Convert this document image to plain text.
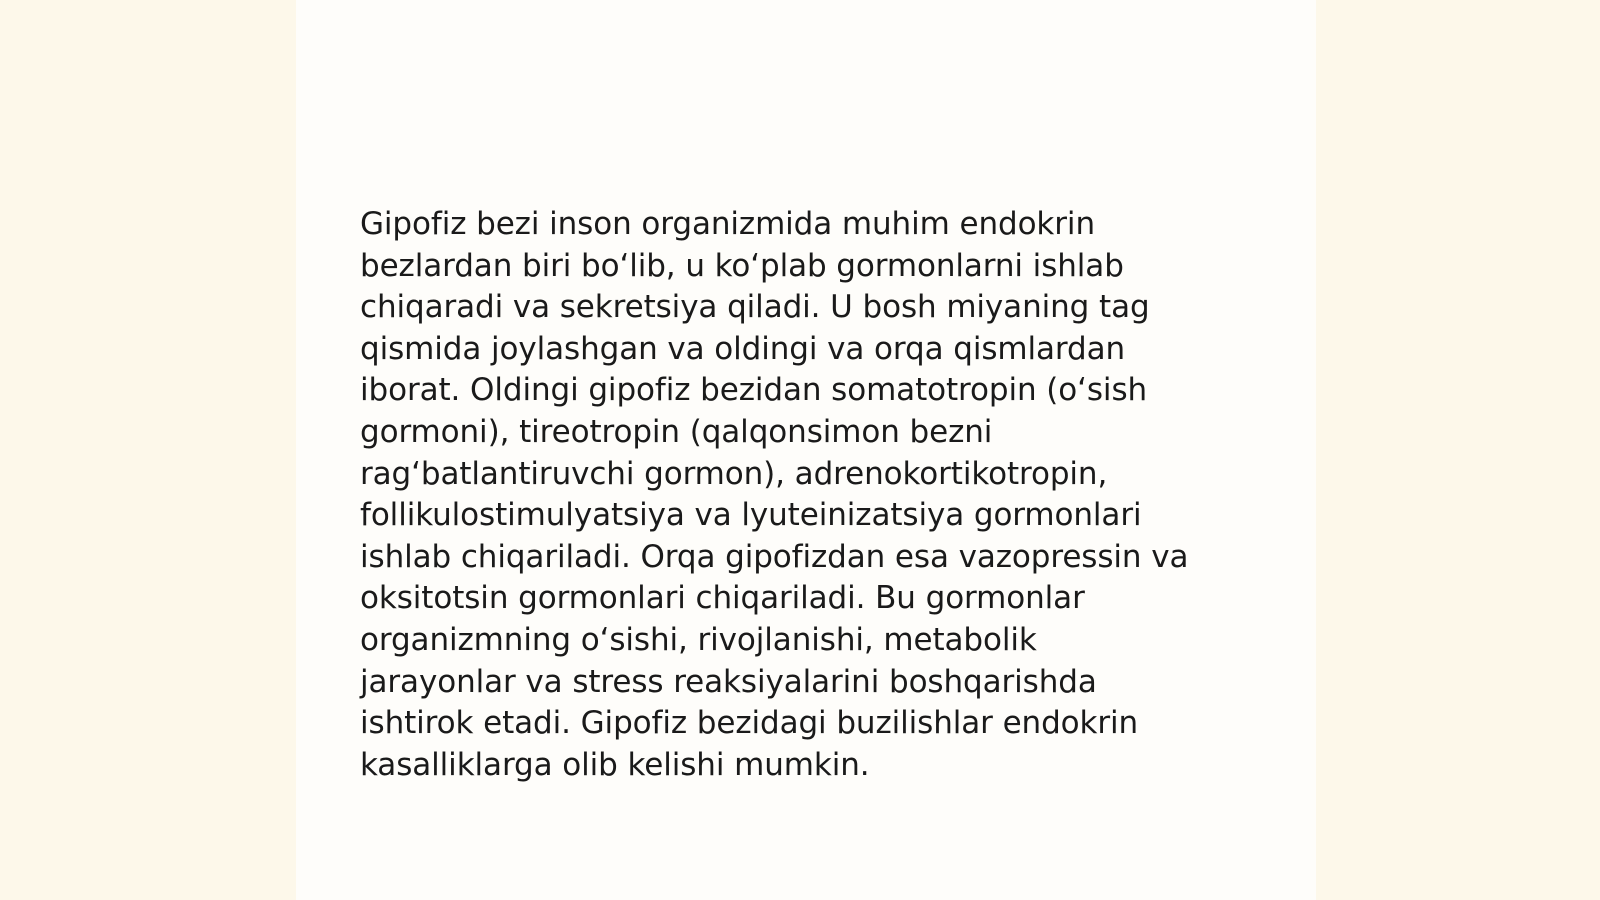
Gipofiz bezi inson organizmida muhim endokrin
bezlardan biri bo‘lib, u ko‘plab gormonlarni ishlab
chiqaradi va sekretsiya qiladi. U bosh miyaning tag
qismida joylashgan va oldingi va orqa qismlardan
iborat. Oldingi gipofiz bezidan somatotropin (o‘sish
gormoni), tireotropin (qalqonsimon bezni
rag‘batlantiruvchi gormon), adrenokortikotropin,
follikulostimulyatsiya va lyuteinizatsiya gormonlari
ishlab chiqariladi. Orqa gipofizdan esa vazopressin va
oksitotsin gormonlari chiqariladi. Bu gormonlar
organizmning o‘sishi, rivojlanishi, metabolik
jarayonlar va stress reaksiyalarini boshqarishda
ishtirok etadi. Gipofiz bezidagi buzilishlar endokrin
kasalliklarga olib kelishi mumkin.
